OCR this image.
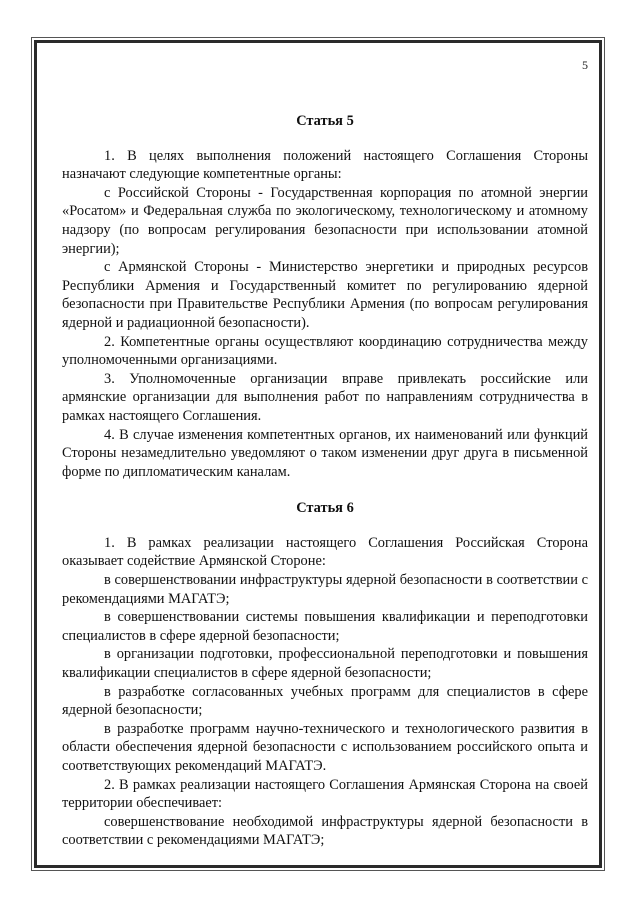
5
Статья 5

1. В целях выполнения положений настоящего Соглашения Стороны назначают следующие компетентные органы:

с Российской Стороны - Государственная корпорация по атомной энергии «Росатом» и Федеральная служба по экологическому, технологическому и атомному надзору (по вопросам регулирования безопасности при использовании атомной энергии);

с Армянской Стороны - Министерство энергетики и природных ресурсов Республики Армения и Государственный комитет по регулированию ядерной безопасности при Правительстве Республики Армения (по вопросам регулирования ядерной и радиационной безопасности).

2. Компетентные органы осуществляют координацию сотрудничества между уполномоченными организациями.

3. Уполномоченные организации вправе привлекать российские или армянские организации для выполнения работ по направлениям сотрудничества в рамках настоящего Соглашения.

4. В случае изменения компетентных органов, их наименований или функций Стороны незамедлительно уведомляют о таком изменении друг друга в письменной форме по дипломатическим каналам.

Статья 6

1. В рамках реализации настоящего Соглашения Российская Сторона оказывает содействие Армянской Стороне:

в совершенствовании инфраструктуры ядерной безопасности в соответствии с рекомендациями МАГАТЭ;

в совершенствовании системы повышения квалификации и переподготовки специалистов в сфере ядерной безопасности;

в организации подготовки, профессиональной переподготовки и повышения квалификации специалистов в сфере ядерной безопасности;

в разработке согласованных учебных программ для специалистов в сфере ядерной безопасности;

в разработке программ научно-технического и технологического развития в области обеспечения ядерной безопасности с использованием российского опыта и соответствующих рекомендаций МАГАТЭ.

2. В рамках реализации настоящего Соглашения Армянская Сторона на своей территории обеспечивает:

совершенствование необходимой инфраструктуры ядерной безопасности в соответствии с рекомендациями МАГАТЭ;
